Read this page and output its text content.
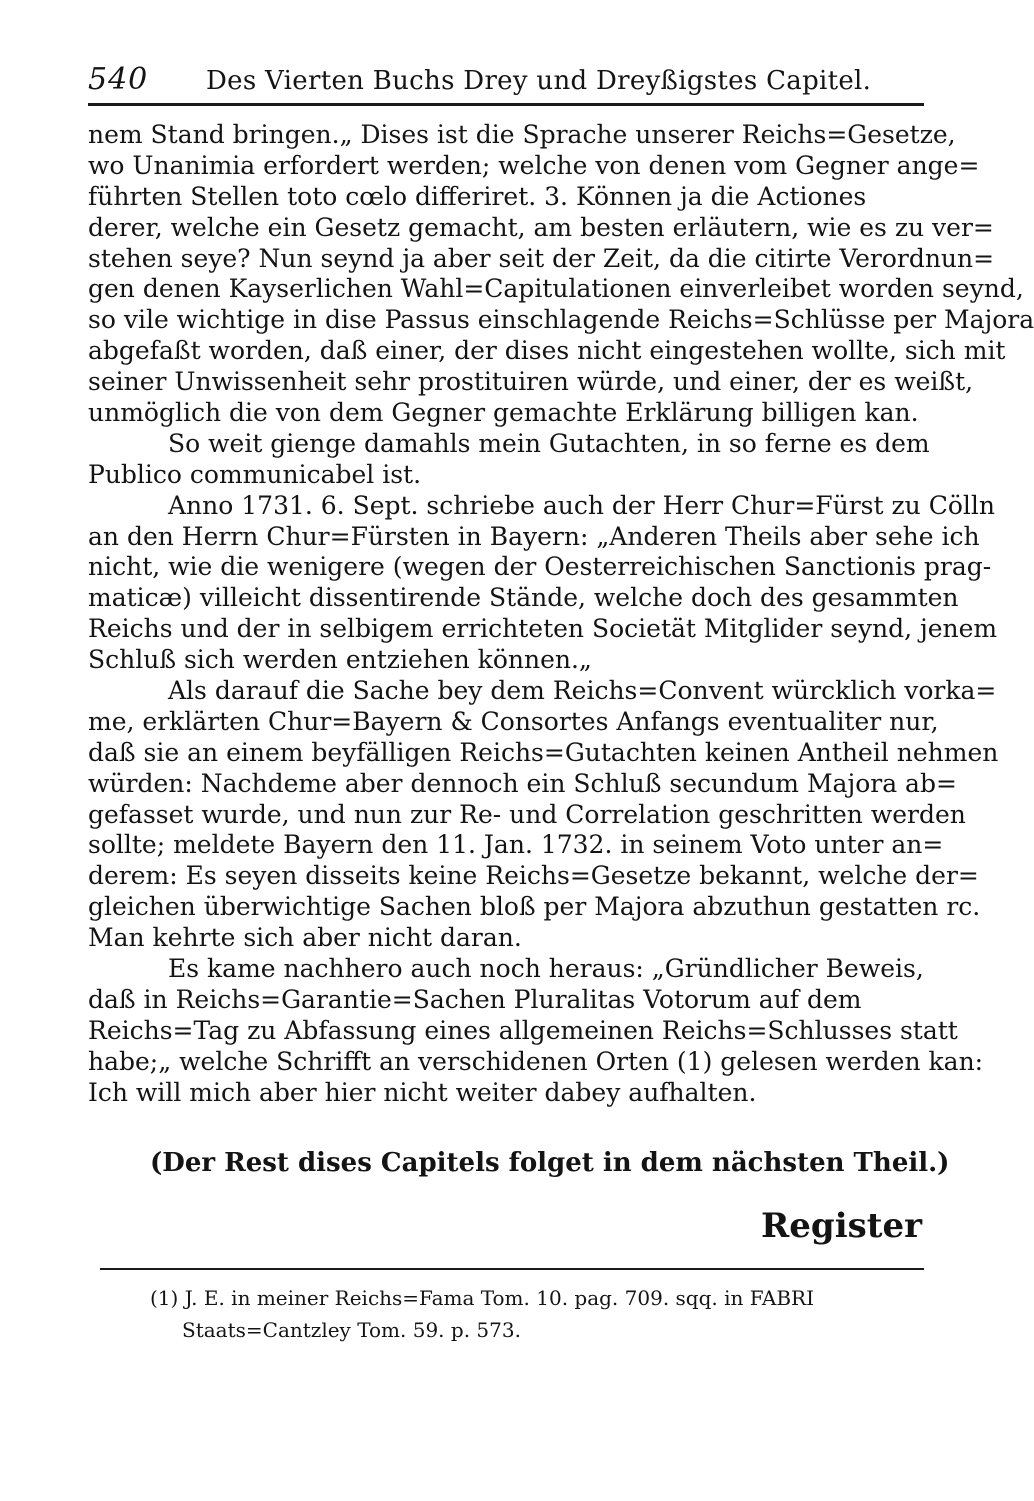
540 Des Vierten Buchs Drey und Dreyßigstes Capitel.
nem Stand bringen.„ Dises ist die Sprache unserer Reichs=Gesetze,
wo Unanimia erfordert werden; welche von denen vom Gegner ange=
führten Stellen toto cœlo differiret. 3. Können ja die Actiones
derer, welche ein Gesetz gemacht, am besten erläutern, wie es zu ver=
stehen seye? Nun seynd ja aber seit der Zeit, da die citirte Verordnun=
gen denen Kayserlichen Wahl=Capitulationen einverleibet worden seynd,
so vile wichtige in dise Passus einschlagende Reichs=Schlüsse per Majora
abgefaßt worden, daß einer, der dises nicht eingestehen wollte, sich mit
seiner Unwissenheit sehr prostituiren würde, und einer, der es weißt,
unmöglich die von dem Gegner gemachte Erklärung billigen kan.
So weit gienge damahls mein Gutachten, in so ferne es dem
Publico communicabel ist.
Anno 1731. 6. Sept. schriebe auch der Herr Chur=Fürst zu Cölln
an den Herrn Chur=Fürsten in Bayern: „Anderen Theils aber sehe ich
nicht, wie die wenigere (wegen der Oesterreichischen Sanctionis prag-
maticæ) villeicht dissentirende Stände, welche doch des gesammten
Reichs und der in selbigem errichteten Societät Mitglider seynd, jenem
Schluß sich werden entziehen können.„
Als darauf die Sache bey dem Reichs=Convent würcklich vorka=
me, erklärten Chur=Bayern & Consortes Anfangs eventualiter nur,
daß sie an einem beyfälligen Reichs=Gutachten keinen Antheil nehmen
würden: Nachdeme aber dennoch ein Schluß secundum Majora ab=
gefasset wurde, und nun zur Re- und Correlation geschritten werden
sollte; meldete Bayern den 11. Jan. 1732. in seinem Voto unter an=
derem: Es seyen disseits keine Reichs=Gesetze bekannt, welche der=
gleichen überwichtige Sachen bloß per Majora abzuthun gestatten rc.
Man kehrte sich aber nicht daran.
Es kame nachhero auch noch heraus: „Gründlicher Beweis,
daß in Reichs=Garantie=Sachen Pluralitas Votorum auf dem
Reichs=Tag zu Abfassung eines allgemeinen Reichs=Schlusses statt
habe;„ welche Schrifft an verschidenen Orten (1) gelesen werden kan:
Ich will mich aber hier nicht weiter dabey aufhalten.
(Der Rest dises Capitels folget in dem nächsten Theil.)
Register
(1) J. E. in meiner Reichs=Fama Tom. 10. pag. 709. sqq. in FABRI
Staats=Cantzley Tom. 59. p. 573.
